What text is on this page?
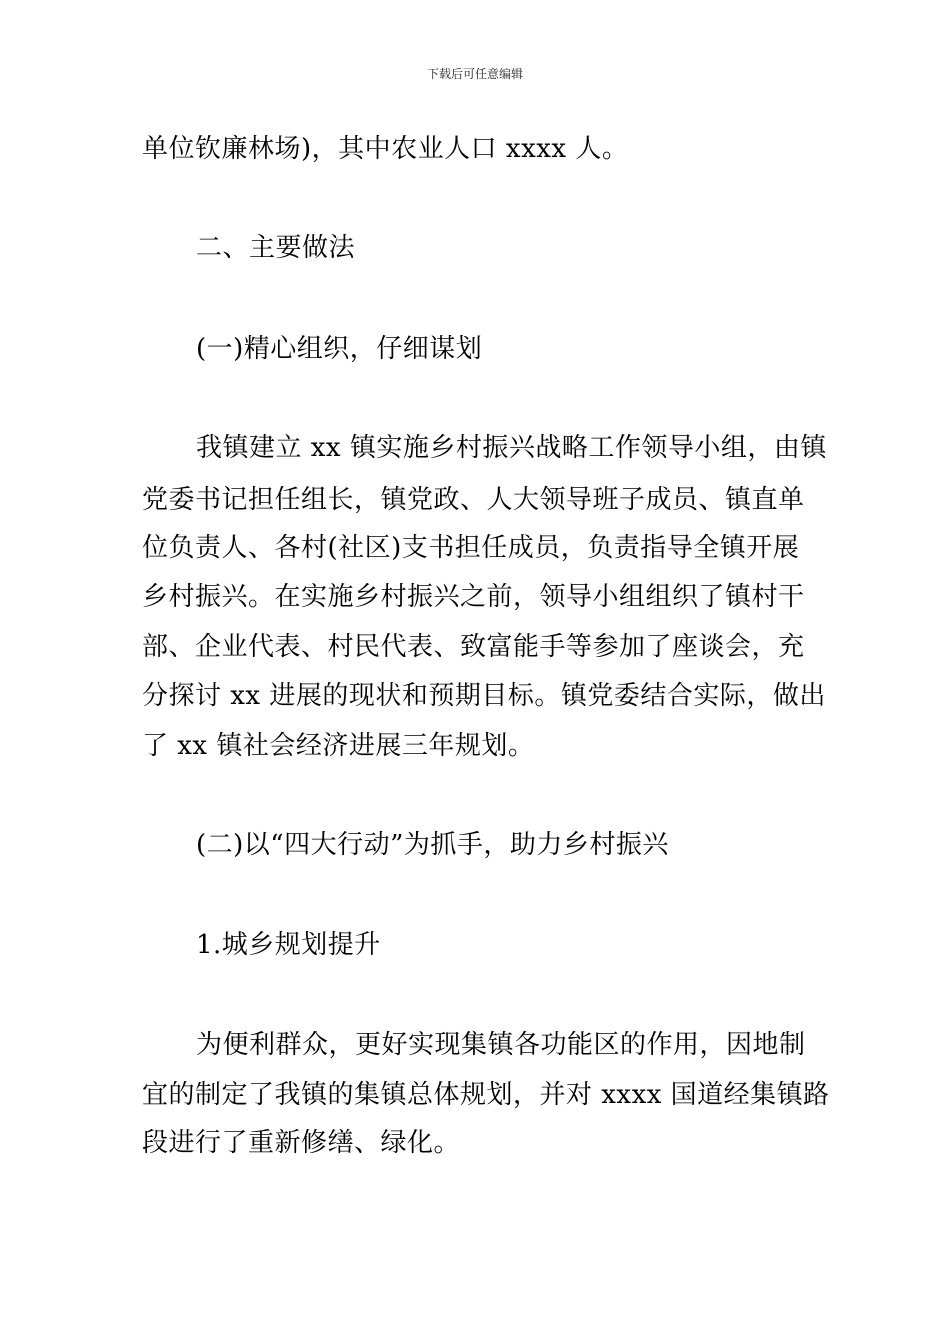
下载后可任意编辑
单位钦廉林场)，其中农业人口 xxxx 人。
二、主要做法
(一)精心组织，仔细谋划
我镇建立 xx 镇实施乡村振兴战略工作领导小组，由镇
党委书记担任组长，镇党政、人大领导班子成员、镇直单
位负责人、各村(社区)支书担任成员，负责指导全镇开展
乡村振兴。在实施乡村振兴之前，领导小组组织了镇村干
部、企业代表、村民代表、致富能手等参加了座谈会，充
分探讨 xx 进展的现状和预期目标。镇党委结合实际，做出
了 xx 镇社会经济进展三年规划。
(二)以“四大行动”为抓手，助力乡村振兴
1.城乡规划提升
为便利群众，更好实现集镇各功能区的作用，因地制
宜的制定了我镇的集镇总体规划，并对 xxxx 国道经集镇路
段进行了重新修缮、绿化。
